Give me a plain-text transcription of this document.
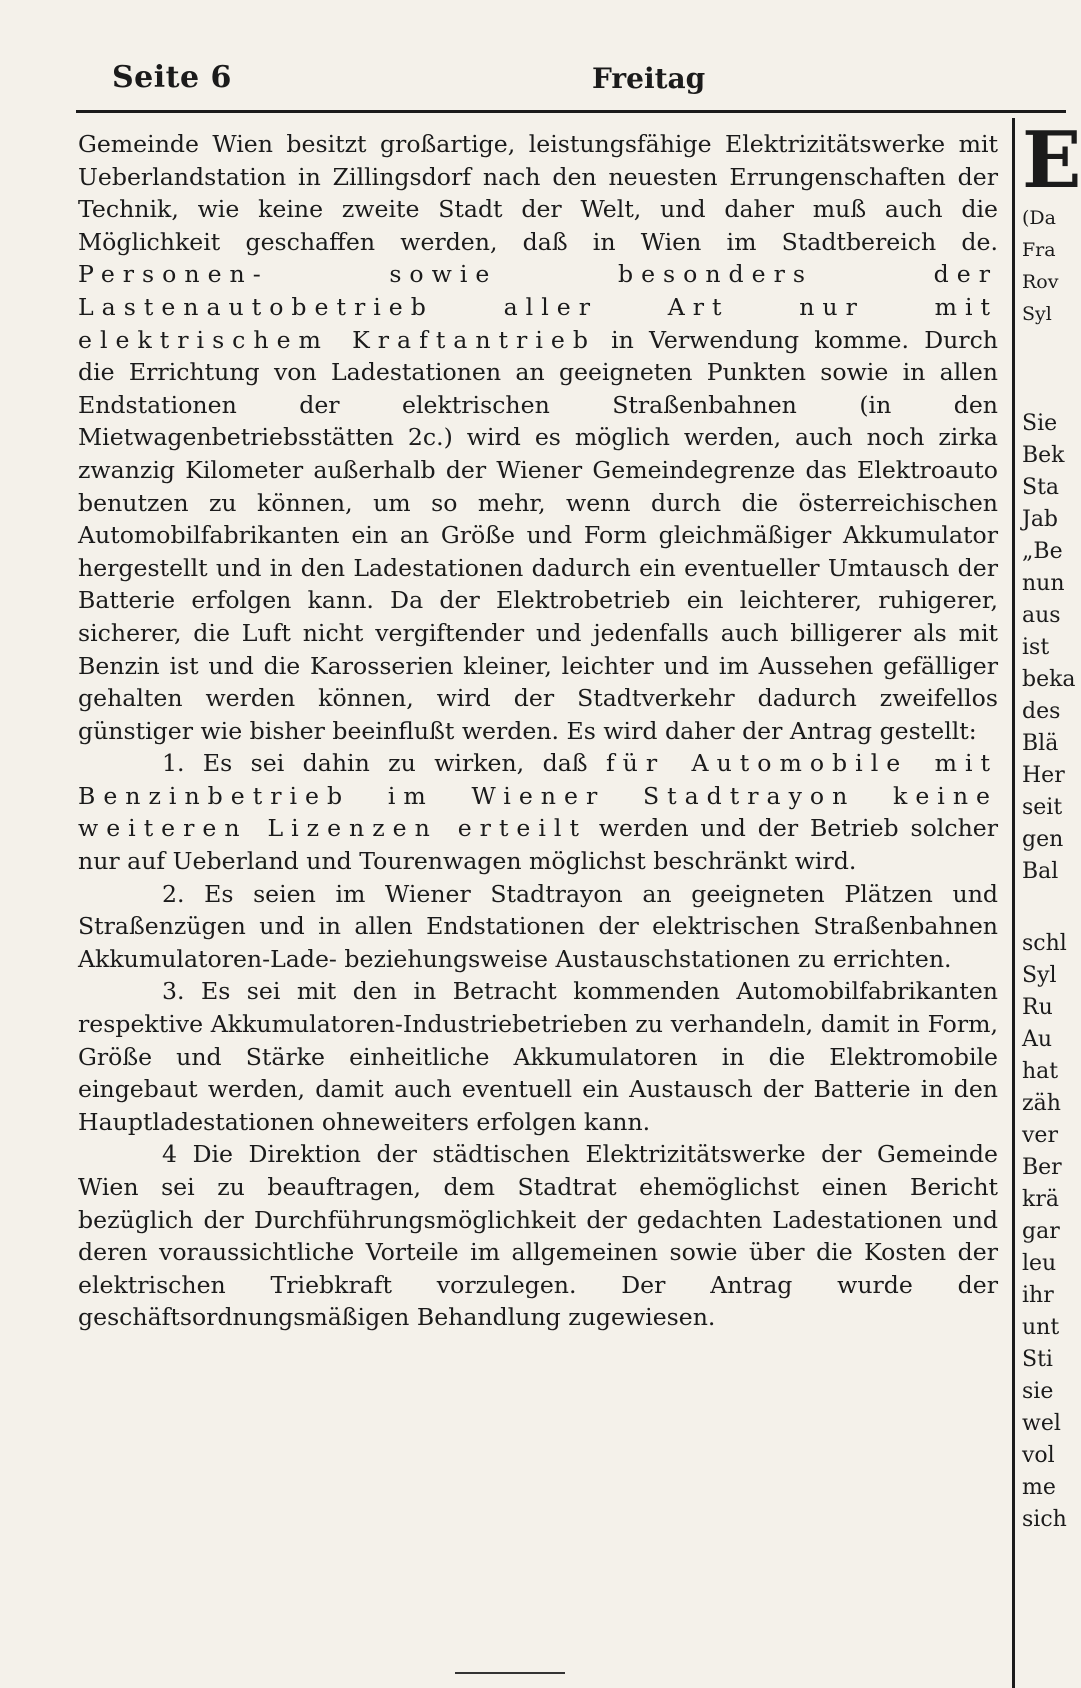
Seite 6	Freitag

Gemeinde Wien besitzt großartige, leistungsfähige Elektrizitätswerke mit Ueberlandstation in Zillingsdorf nach den neuesten Errungenschaften der Technik, wie keine zweite Stadt der Welt, und daher muß auch die Möglichkeit geschaffen werden, daß in Wien im Stadtbereich de. Personen- sowie besonders der Lastenautobetrieb aller Art nur mit elektrischem Kraftantrieb in Verwendung komme. Durch die Errichtung von Ladestationen an geeigneten Punkten sowie in allen Endstationen der elektrischen Straßenbahnen (in den Mietwagenbetriebsstätten 2c.) wird es möglich werden, auch noch zirka zwanzig Kilometer außerhalb der Wiener Gemeindegrenze das Elektroauto benutzen zu können, um so mehr, wenn durch die österreichischen Automobilfabrikanten ein an Größe und Form gleichmäßiger Akkumulator hergestellt und in den Ladestationen dadurch ein eventueller Umtausch der Batterie erfolgen kann. Da der Elektrobetrieb ein leichterer, ruhigerer, sicherer, die Luft nicht vergiftender und jedenfalls auch billigerer als mit Benzin ist und die Karosserien kleiner, leichter und im Aussehen gefälliger gehalten werden können, wird der Stadtverkehr dadurch zweifellos günstiger wie bisher beeinflußt werden. Es wird daher der Antrag gestellt:

1. Es sei dahin zu wirken, daß für Automobile mit Benzinbetrieb im Wiener Stadtrayon keine weiteren Lizenzen erteilt werden und der Betrieb solcher nur auf Ueberland und Tourenwagen möglichst beschränkt wird.

2. Es seien im Wiener Stadtrayon an geeigneten Plätzen und Straßenzügen und in allen Endstationen der elektrischen Straßenbahnen Akkumulatoren-Lade- beziehungsweise Austauschstationen zu errichten.

3. Es sei mit den in Betracht kommenden Automobilfabrikanten respektive Akkumulatoren-Industriebetrieben zu verhandeln, damit in Form, Größe und Stärke einheitliche Akkumulatoren in die Elektromobile eingebaut werden, damit auch eventuell ein Austausch der Batterie in den Hauptladestationen ohneweiters erfolgen kann.

4 Die Direktion der städtischen Elektrizitätswerke der Gemeinde Wien sei zu beauftragen, dem Stadtrat ehemöglichst einen Bericht bezüglich der Durchführungsmöglichkeit der gedachten Ladestationen und deren voraussichtliche Vorteile im allgemeinen sowie über die Kosten der elektrischen Triebkraft vorzulegen. Der Antrag wurde der geschäftsordnungsmäßigen Behandlung zugewiesen.

E
(Da
Fra
Rov
Syl
Sie
Bek
Sta
Jab
„Be
nun
aus
ist
beka
des
Blä
Her
seit
gen
Bal
schl
Syl
Ru
Au
hat
zäh
ver
Ber
krä
gar
leu
ihr
unt
Sti
sie
wel
vol
me
sich
